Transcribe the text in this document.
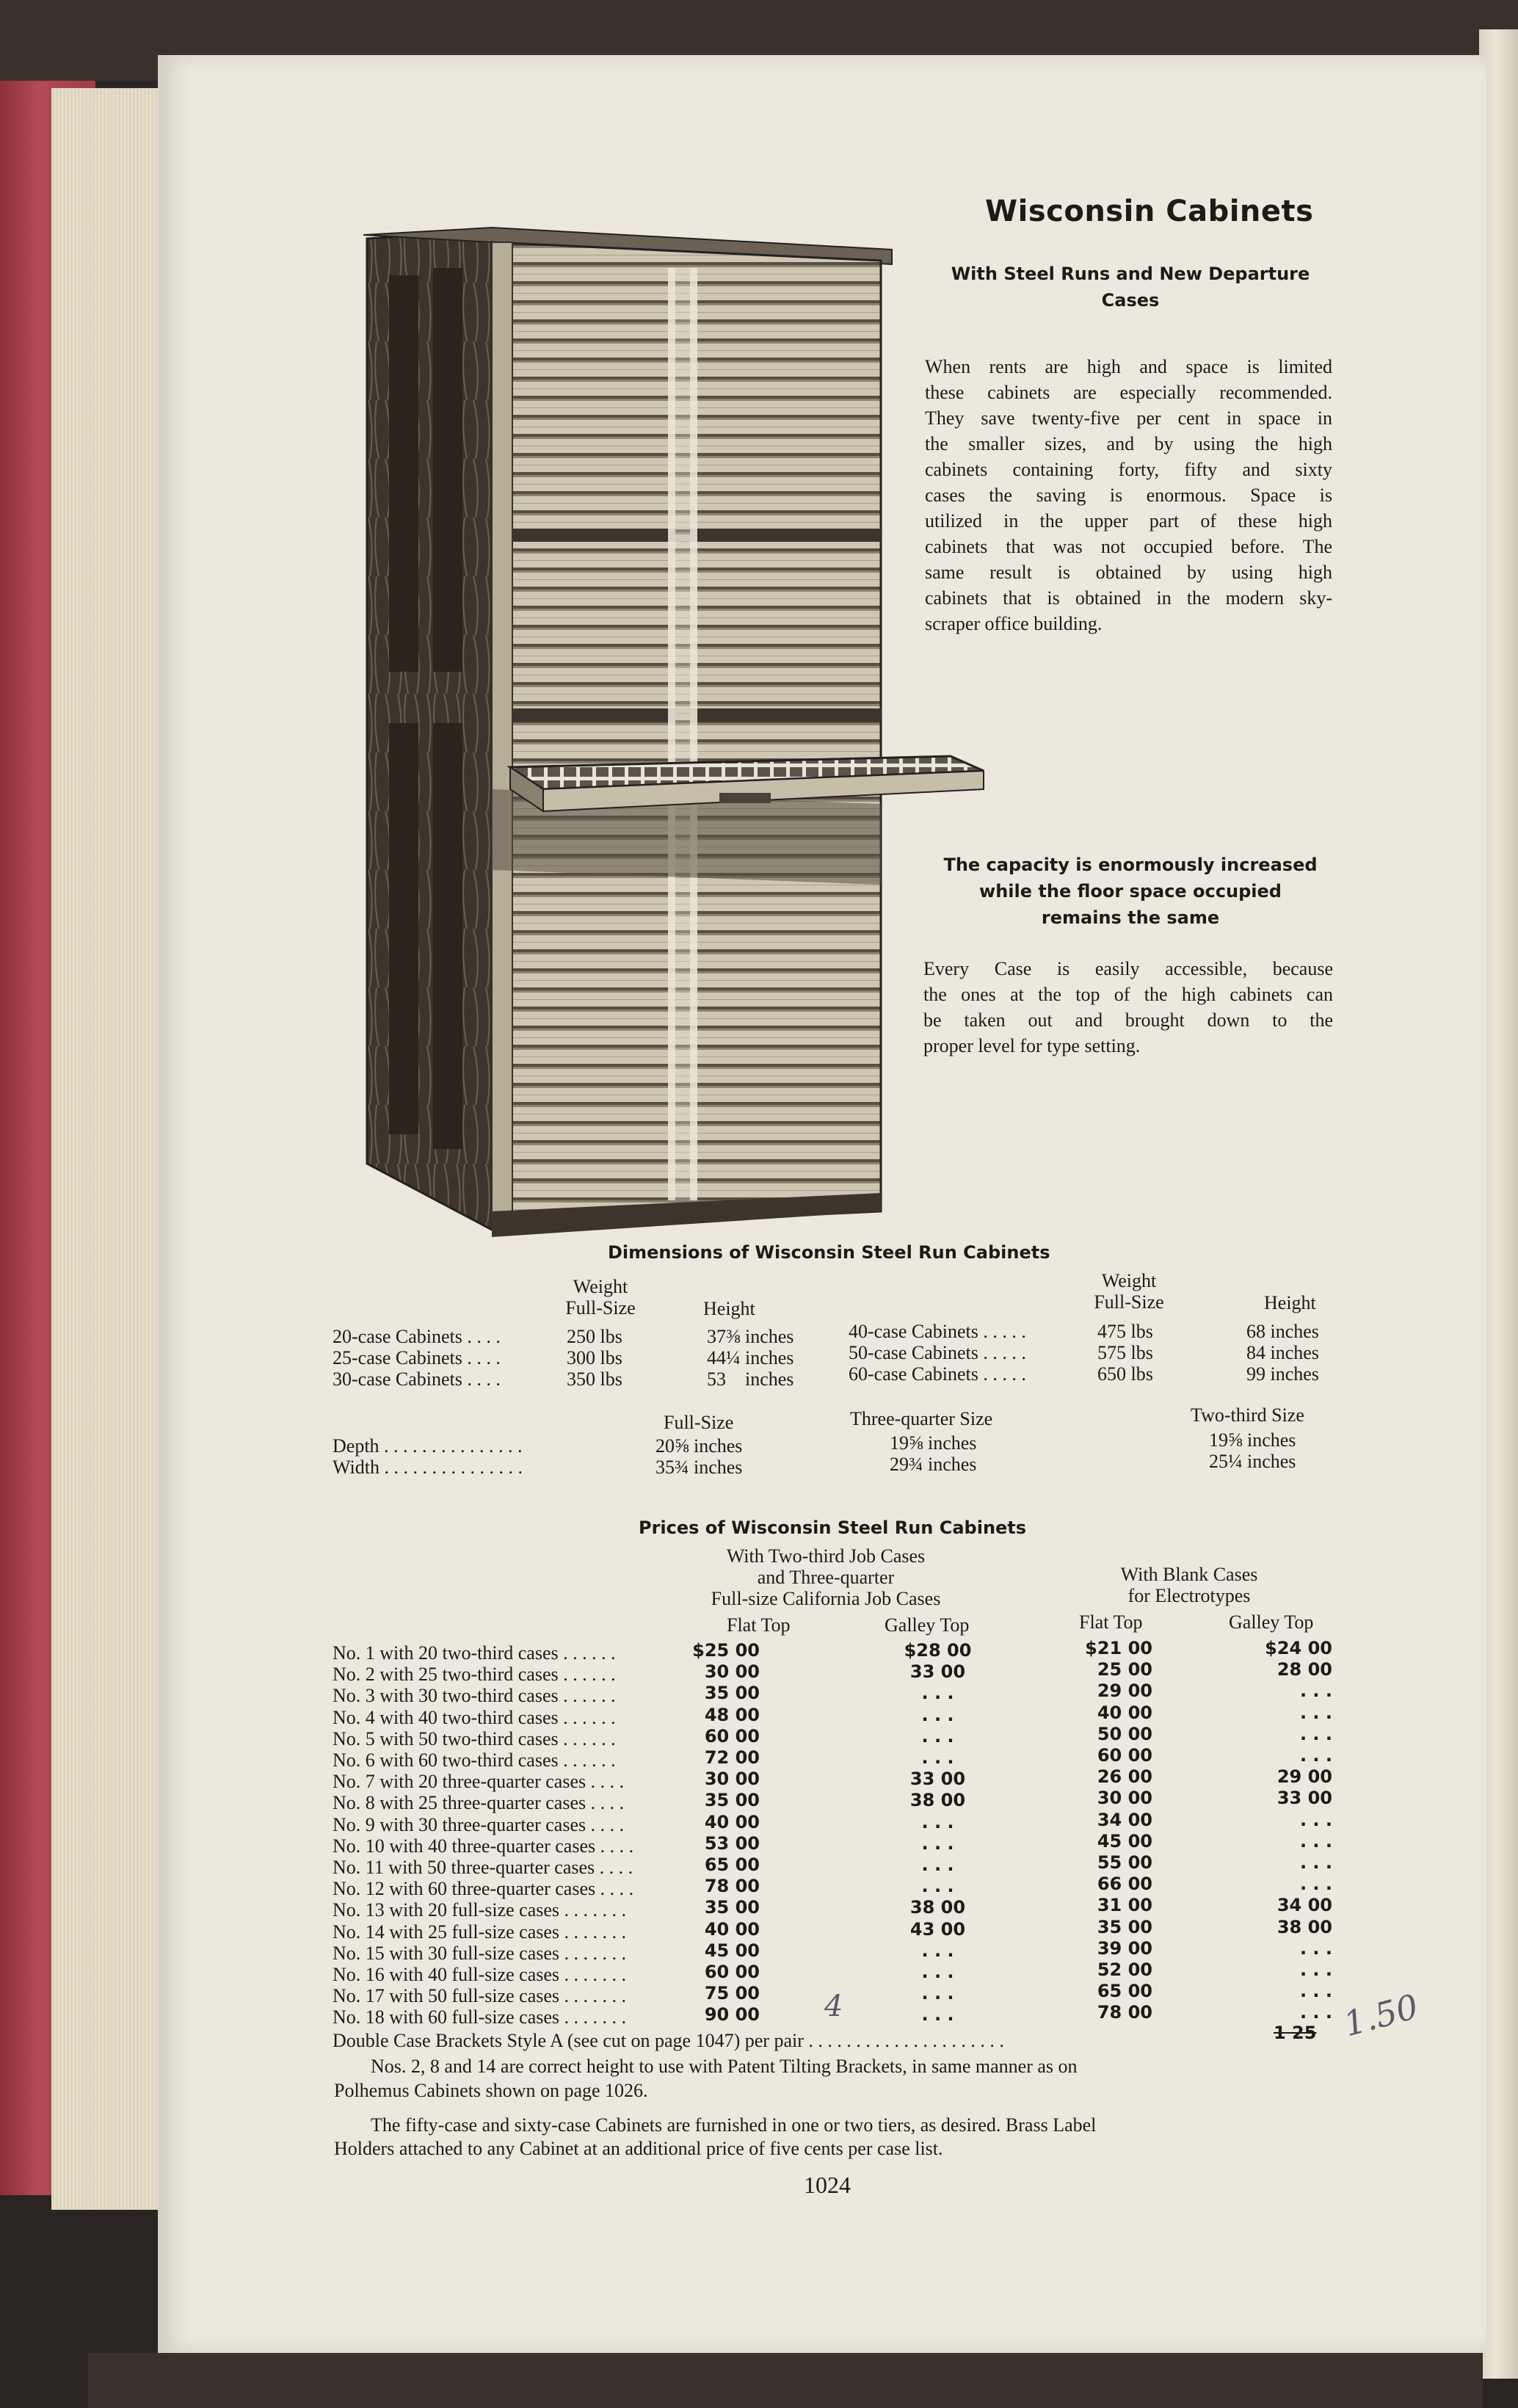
Wisconsin Cabinets
With Steel Runs and New Departure
Cases
When rents are high and space is limited
these cabinets are especially recommended.
They save twenty-five per cent in space in
the smaller sizes, and by using the high
cabinets containing forty, fifty and sixty
cases the saving is enormous. Space is
utilized in the upper part of these high
cabinets that was not occupied before. The
same result is obtained by using high
cabinets that is obtained in the modern sky-
scraper office building.
The capacity is enormously increased
while the floor space occupied
remains the same
Every Case is easily accessible, because
the ones at the top of the high cabinets can
be taken out and brought down to the
proper level for type setting.
Dimensions of Wisconsin Steel Run Cabinets
Weight
Full-Size	Height
Weight
Full-Size	Height
Full-Size	Three-quarter Size	Two-third Size
Prices of Wisconsin Steel Run Cabinets
With Two-third Job Cases
and Three-quarter
Full-size California Job Cases
With Blank Cases
for Electrotypes
Flat Top	Galley Top	Flat Top	Galley Top
Double Case Brackets Style A (see cut on page 1047) per pair . . . . . . . . . . . . . . . . . . . . .	1 25 1.50
4
Nos. 2, 8 and 14 are correct height to use with Patent Tilting Brackets, in same manner as on
Polhemus Cabinets shown on page 1026.
The fifty-case and sixty-case Cabinets are furnished in one or two tiers, as desired. Brass Label
Holders attached to any Cabinet at an additional price of five cents per case list.
1024
20-case Cabinets . . . .	250 lbs	37⅜ inches
25-case Cabinets . . . .	300 lbs	44¼ inches
30-case Cabinets . . . .	350 lbs	53    inches
40-case Cabinets . . . . .	475 lbs	68 inches
50-case Cabinets . . . . .	575 lbs	84 inches
60-case Cabinets . . . . .	650 lbs	99 inches
Depth . . . . . . . . . . . . . . .	20⅝ inches	19⅝ inches	19⅝ inches
Width . . . . . . . . . . . . . . .	35¾ inches	29¾ inches	25¼ inches
No. 1 with 20 two-third cases . . . . . .	$25 00	$28 00	$21 00	$24 00
No. 2 with 25 two-third cases . . . . . .	30 00	33 00	25 00	28 00
No. 3 with 30 two-third cases . . . . . .	35 00	. . .	29 00	. . .
No. 4 with 40 two-third cases . . . . . .	48 00	. . .	40 00	. . .
No. 5 with 50 two-third cases . . . . . .	60 00	. . .	50 00	. . .
No. 6 with 60 two-third cases . . . . . .	72 00	. . .	60 00	. . .
No. 7 with 20 three-quarter cases . . . .	30 00	33 00	26 00	29 00
No. 8 with 25 three-quarter cases . . . .	35 00	38 00	30 00	33 00
No. 9 with 30 three-quarter cases . . . .	40 00	. . .	34 00	. . .
No. 10 with 40 three-quarter cases . . . .	53 00	. . .	45 00	. . .
No. 11 with 50 three-quarter cases . . . .	65 00	. . .	55 00	. . .
No. 12 with 60 three-quarter cases . . . .	78 00	. . .	66 00	. . .
No. 13 with 20 full-size cases . . . . . . .	35 00	38 00	31 00	34 00
No. 14 with 25 full-size cases . . . . . . .	40 00	43 00	35 00	38 00
No. 15 with 30 full-size cases . . . . . . .	45 00	. . .	39 00	. . .
No. 16 with 40 full-size cases . . . . . . .	60 00	. . .	52 00	. . .
No. 17 with 50 full-size cases . . . . . . .	75 00	. . .	65 00	. . .
No. 18 with 60 full-size cases . . . . . . .	90 00	. . .	78 00	. . .
